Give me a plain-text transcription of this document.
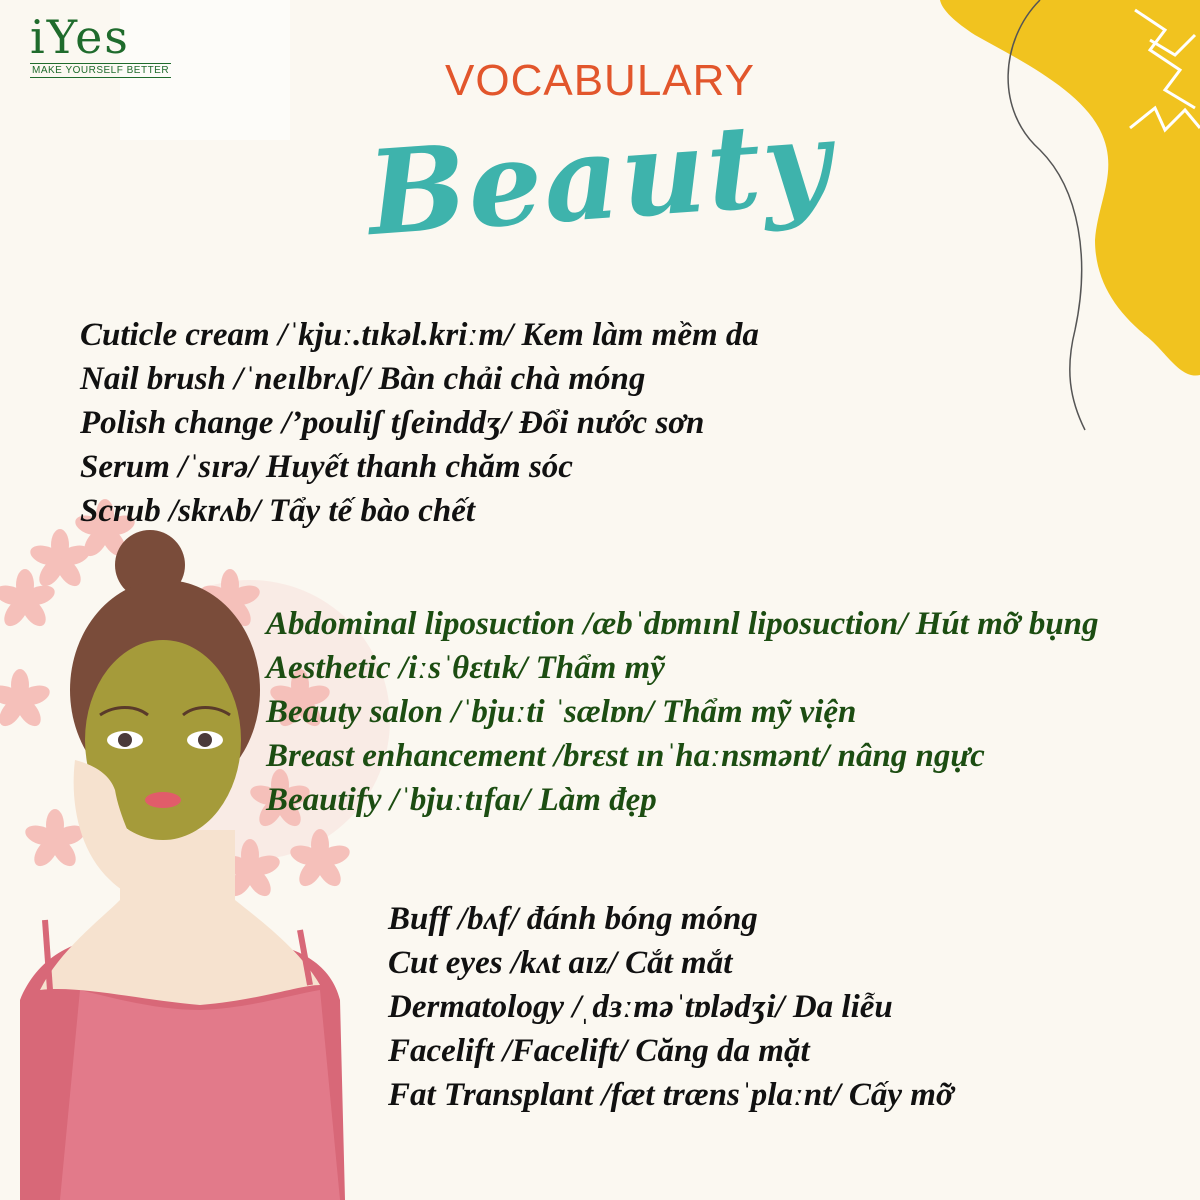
iYes
MAKE YOURSELF BETTER	VOCABULARY
Beauty
Cuticle cream /ˈkjuː.tɪkəl.kriːm/ Kem làm mềm da
Nail brush /ˈneɪlbrʌʃ/ Bàn chải chà móng
Polish change /’pouliʃ tʃeinddʒ/ Đổi nước sơn
Serum /ˈsɪrə/ Huyết thanh chăm sóc
Scrub /skrʌb/ Tẩy tế bào chết
Abdominal liposuction /æbˈdɒmɪnl liposuction/ Hút mỡ bụng
Aesthetic /iːsˈθɛtɪk/ Thẩm mỹ
Beauty salon /ˈbjuːti ˈsælɒn/ Thẩm mỹ viện
Breast enhancement /brɛst ɪnˈhaːnsmənt/ nâng ngực
Beautify /ˈbjuːtɪfaɪ/ Làm đẹp
Buff /bʌf/ đánh bóng móng
Cut eyes /kʌt aɪz/ Cắt mắt
Dermatology /ˌdɜːməˈtɒlədʒi/ Da liễu
Facelift /Facelift/ Căng da mặt
Fat Transplant /fæt trænsˈplaːnt/ Cấy mỡ
